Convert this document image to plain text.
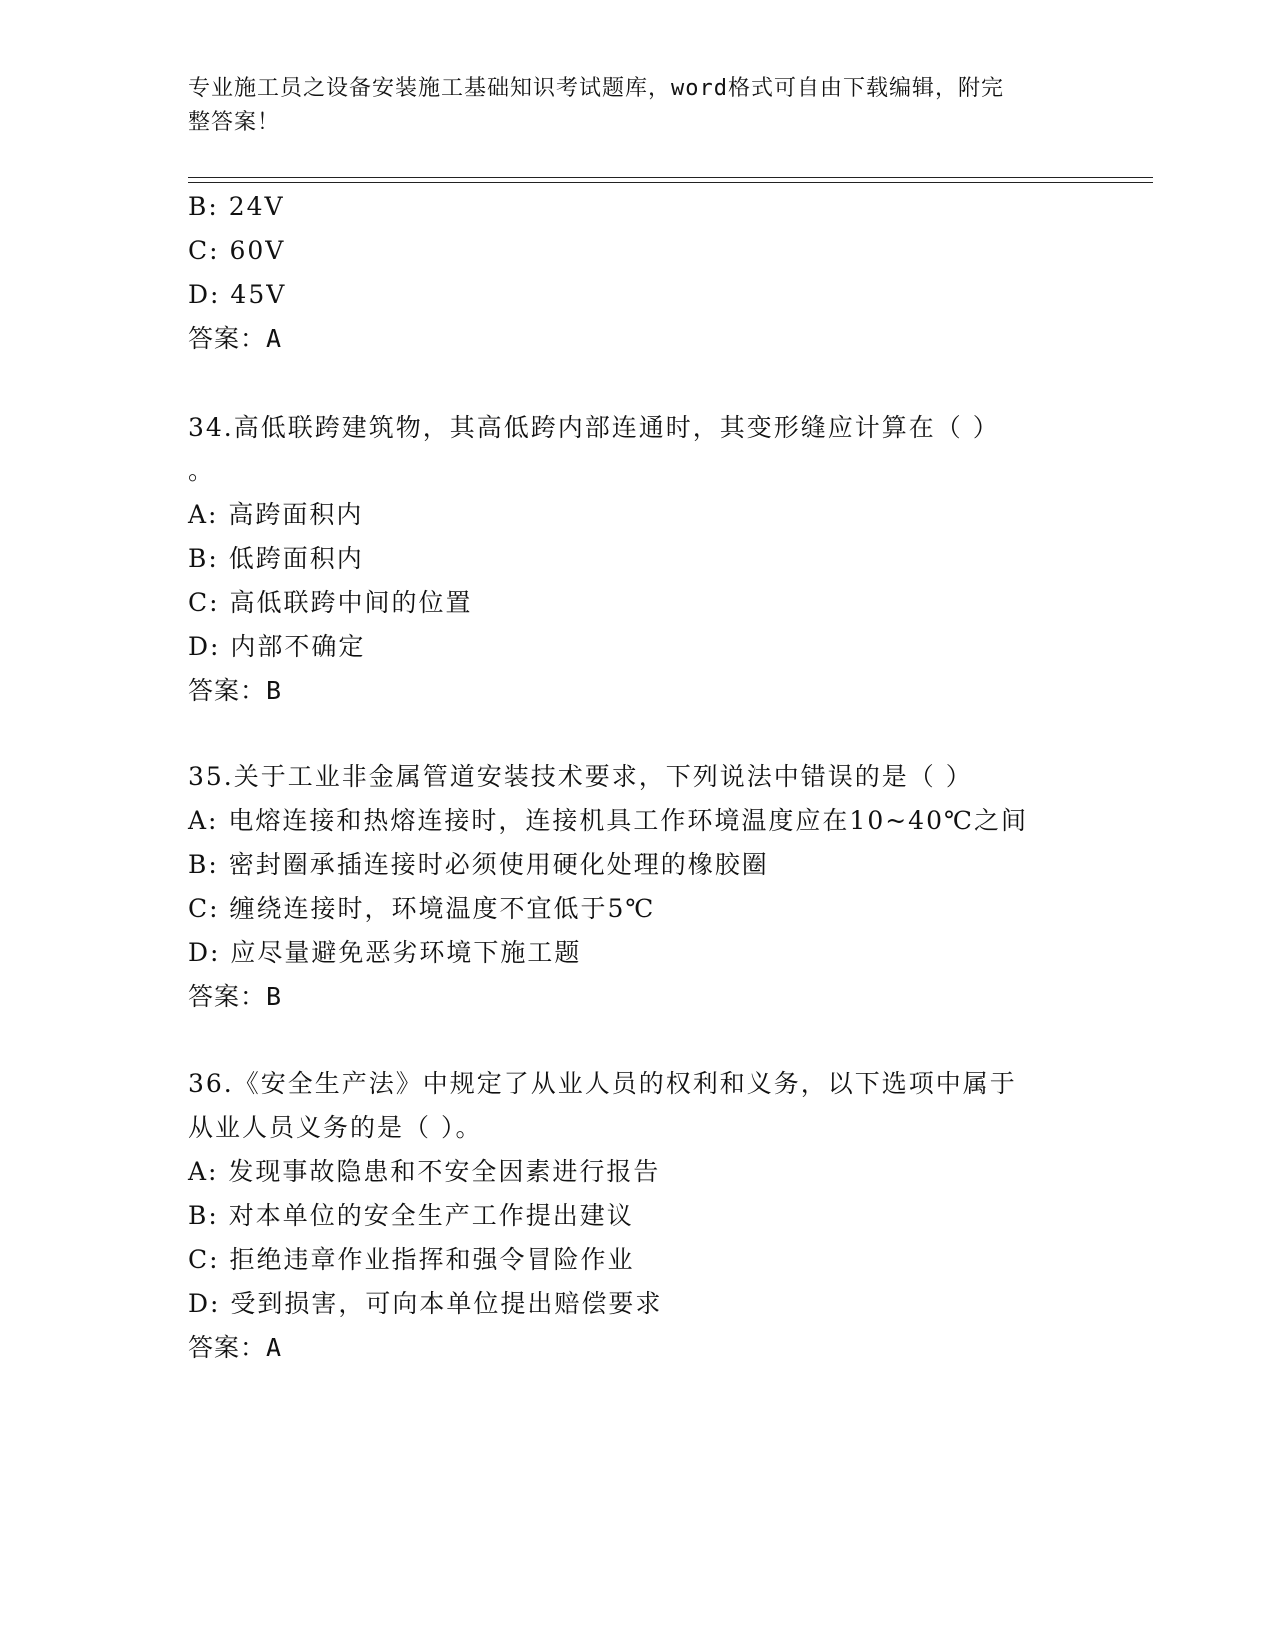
专业施工员之设备安装施工基础知识考试题库，word格式可自由下载编辑，附完
整答案！
B: 24V
C: 60V
D: 45V
答案：A
34.高低联跨建筑物，其高低跨内部连通时，其变形缝应计算在（ ）
。
A: 高跨面积内
B: 低跨面积内
C: 高低联跨中间的位置
D: 内部不确定
答案：B
35.关于工业非金属管道安装技术要求，下列说法中错误的是（ ）
A: 电熔连接和热熔连接时，连接机具工作环境温度应在10~40℃之间
B: 密封圈承插连接时必须使用硬化处理的橡胶圈
C: 缠绕连接时，环境温度不宜低于5℃
D: 应尽量避免恶劣环境下施工题
答案：B
36.《安全生产法》中规定了从业人员的权利和义务，以下选项中属于
从业人员义务的是（ ）。
A: 发现事故隐患和不安全因素进行报告
B: 对本单位的安全生产工作提出建议
C: 拒绝违章作业指挥和强令冒险作业
D: 受到损害，可向本单位提出赔偿要求
答案：A
